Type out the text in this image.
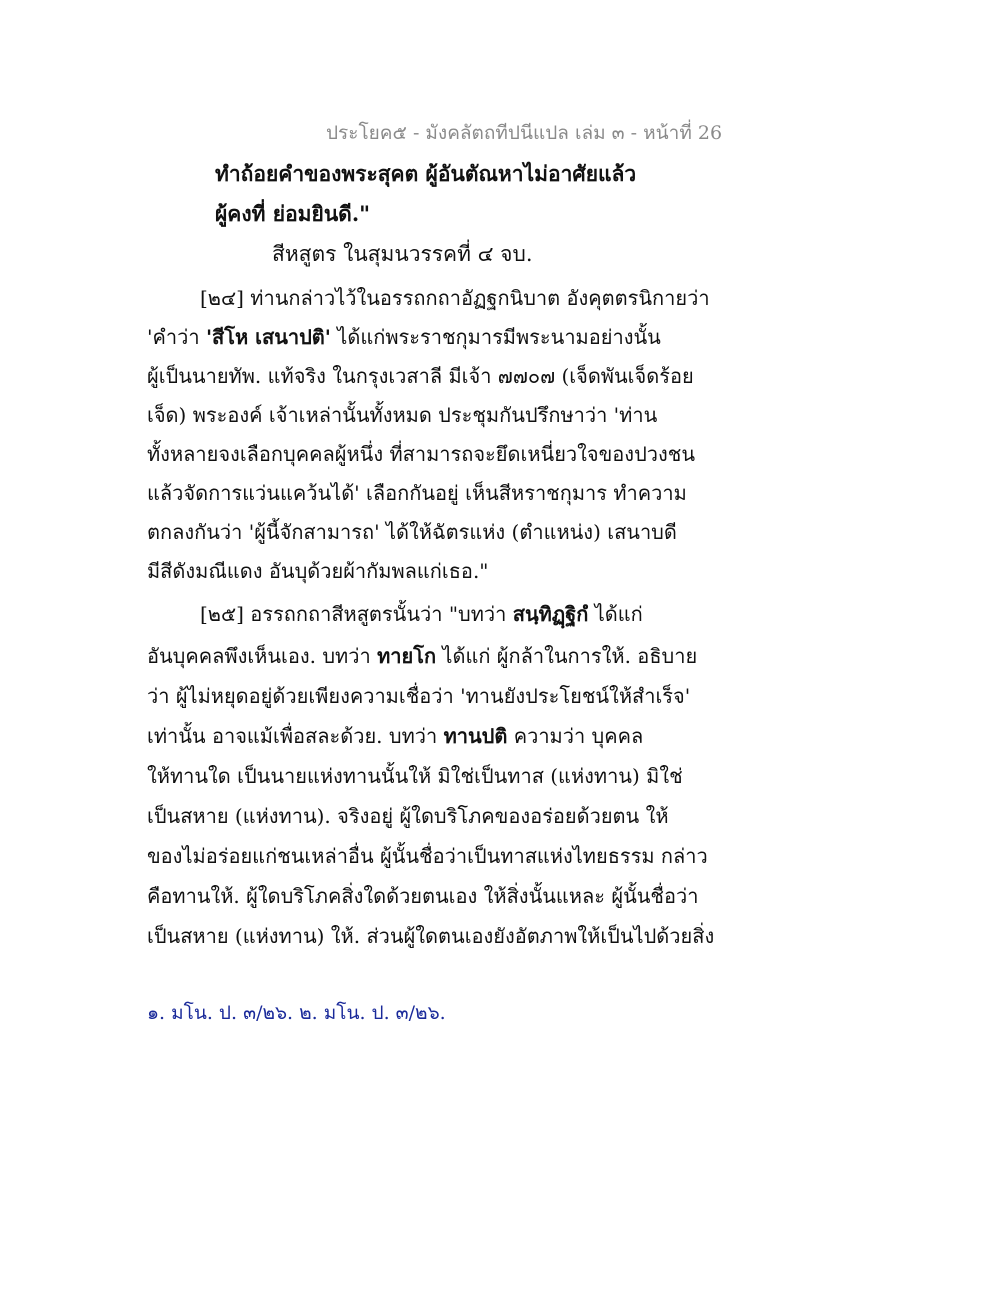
ประโยค๕ - มังคลัตถทีปนีแปล เล่ม ๓ - หน้าที่ 26
ทำถ้อยคำของพระสุคต ผู้อันตัณหาไม่อาศัยแล้ว
ผู้คงที่ ย่อมยินดี."
สีหสูตร ในสุมนวรรคที่ ๔ จบ.
[๒๔] ท่านกล่าวไว้ในอรรถกถาอัฏฐกนิบาต อังคุตตรนิกายว่า
'คำว่า 'สีโห เสนาปติ' ได้แก่พระราชกุมารมีพระนามอย่างนั้น
ผู้เป็นนายทัพ. แท้จริง ในกรุงเวสาลี มีเจ้า ๗๗๐๗ (เจ็ดพันเจ็ดร้อย
เจ็ด) พระองค์ เจ้าเหล่านั้นทั้งหมด ประชุมกันปรึกษาว่า 'ท่าน
ทั้งหลายจงเลือกบุคคลผู้หนึ่ง ที่สามารถจะยึดเหนี่ยวใจของปวงชน
แล้วจัดการแว่นแคว้นได้' เลือกกันอยู่ เห็นสีหราชกุมาร ทำความ
ตกลงกันว่า 'ผู้นี้จักสามารถ' ได้ให้ฉัตรแห่ง (ตำแหน่ง) เสนาบดี
มีสีดังมณีแดง อันบุด้วยผ้ากัมพลแก่เธอ."
[๒๕] อรรถกถาสีหสูตรนั้นว่า "บทว่า สนฺทิฏฺฐิกํ ได้แก่
อันบุคคลพึงเห็นเอง. บทว่า ทายโก ได้แก่ ผู้กล้าในการให้. อธิบาย
ว่า ผู้ไม่หยุดอยู่ด้วยเพียงความเชื่อว่า 'ทานยังประโยชน์ให้สำเร็จ'
เท่านั้น อาจแม้เพื่อสละด้วย. บทว่า ทานปติ ความว่า บุคคล
ให้ทานใด เป็นนายแห่งทานนั้นให้ มิใช่เป็นทาส (แห่งทาน) มิใช่
เป็นสหาย (แห่งทาน). จริงอยู่ ผู้ใดบริโภคของอร่อยด้วยตน ให้
ของไม่อร่อยแก่ชนเหล่าอื่น ผู้นั้นชื่อว่าเป็นทาสแห่งไทยธรรม กล่าว
คือทานให้. ผู้ใดบริโภคสิ่งใดด้วยตนเอง ให้สิ่งนั้นแหละ ผู้นั้นชื่อว่า
เป็นสหาย (แห่งทาน) ให้. ส่วนผู้ใดตนเองยังอัตภาพให้เป็นไปด้วยสิ่ง
๑. มโน. ป. ๓/๒๖. ๒. มโน. ป. ๓/๒๖.
